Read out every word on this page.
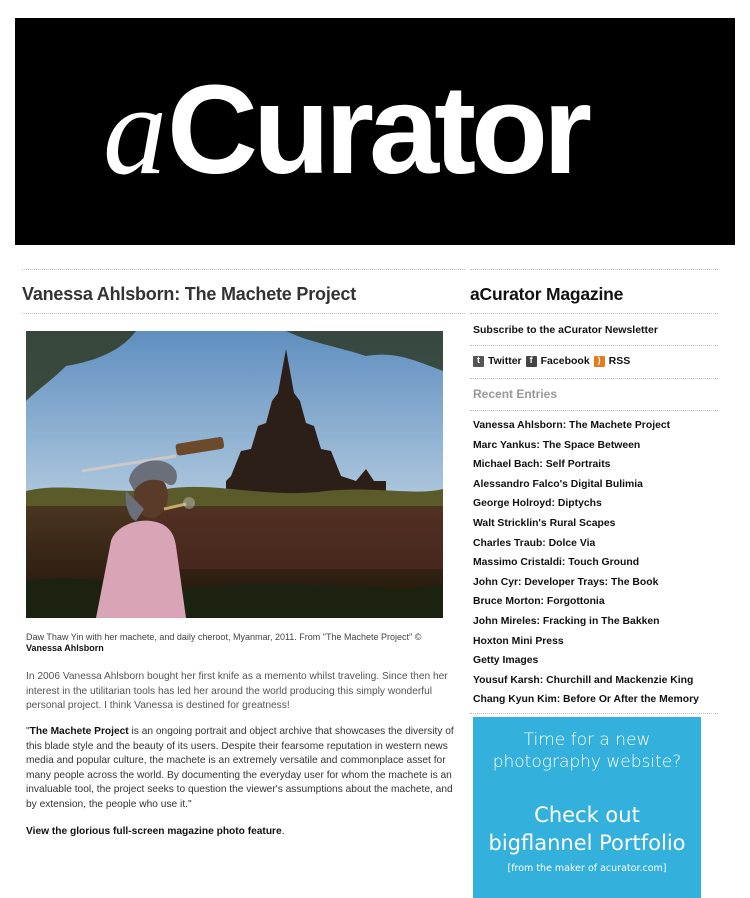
aCurator
Vanessa Ahlsborn: The Machete Project

Daw Thaw Yin with her machete, and daily cheroot, Myanmar, 2011. From "The Machete Project" © Vanessa Ahlsborn

In 2006 Vanessa Ahlsborn bought her first knife as a memento whilst traveling. Since then her interest in the utilitarian tools has led her around the world producing this simply wonderful personal project. I think Vanessa is destined for greatness!

"The Machete Project is an ongoing portrait and object archive that showcases the diversity of this blade style and the beauty of its users. Despite their fearsome reputation in western news media and popular culture, the machete is an extremely versatile and commonplace asset for many people across the world. By documenting the everyday user for whom the machete is an invaluable tool, the project seeks to question the viewer's assumptions about the machete, and by extension, the people who use it."

View the glorious full-screen magazine photo feature.

aCurator Magazine
Subscribe to the aCurator Newsletter
t Twitter f Facebook ) RSS
Recent Entries
Vanessa Ahlsborn: The Machete Project
Marc Yankus: The Space Between
Michael Bach: Self Portraits
Alessandro Falco's Digital Bulimia
George Holroyd: Diptychs
Walt Stricklin's Rural Scapes
Charles Traub: Dolce Via
Massimo Cristaldi: Touch Ground
John Cyr: Developer Trays: The Book
Bruce Morton: Forgottonia
John Mireles: Fracking in The Bakken
Hoxton Mini Press
Getty Images
Yousuf Karsh: Churchill and Mackenzie King
Chang Kyun Kim: Before Or After the Memory
Time for a new
photography website?
Check out
bigflannel Portfolio
[from the maker of acurator.com]
